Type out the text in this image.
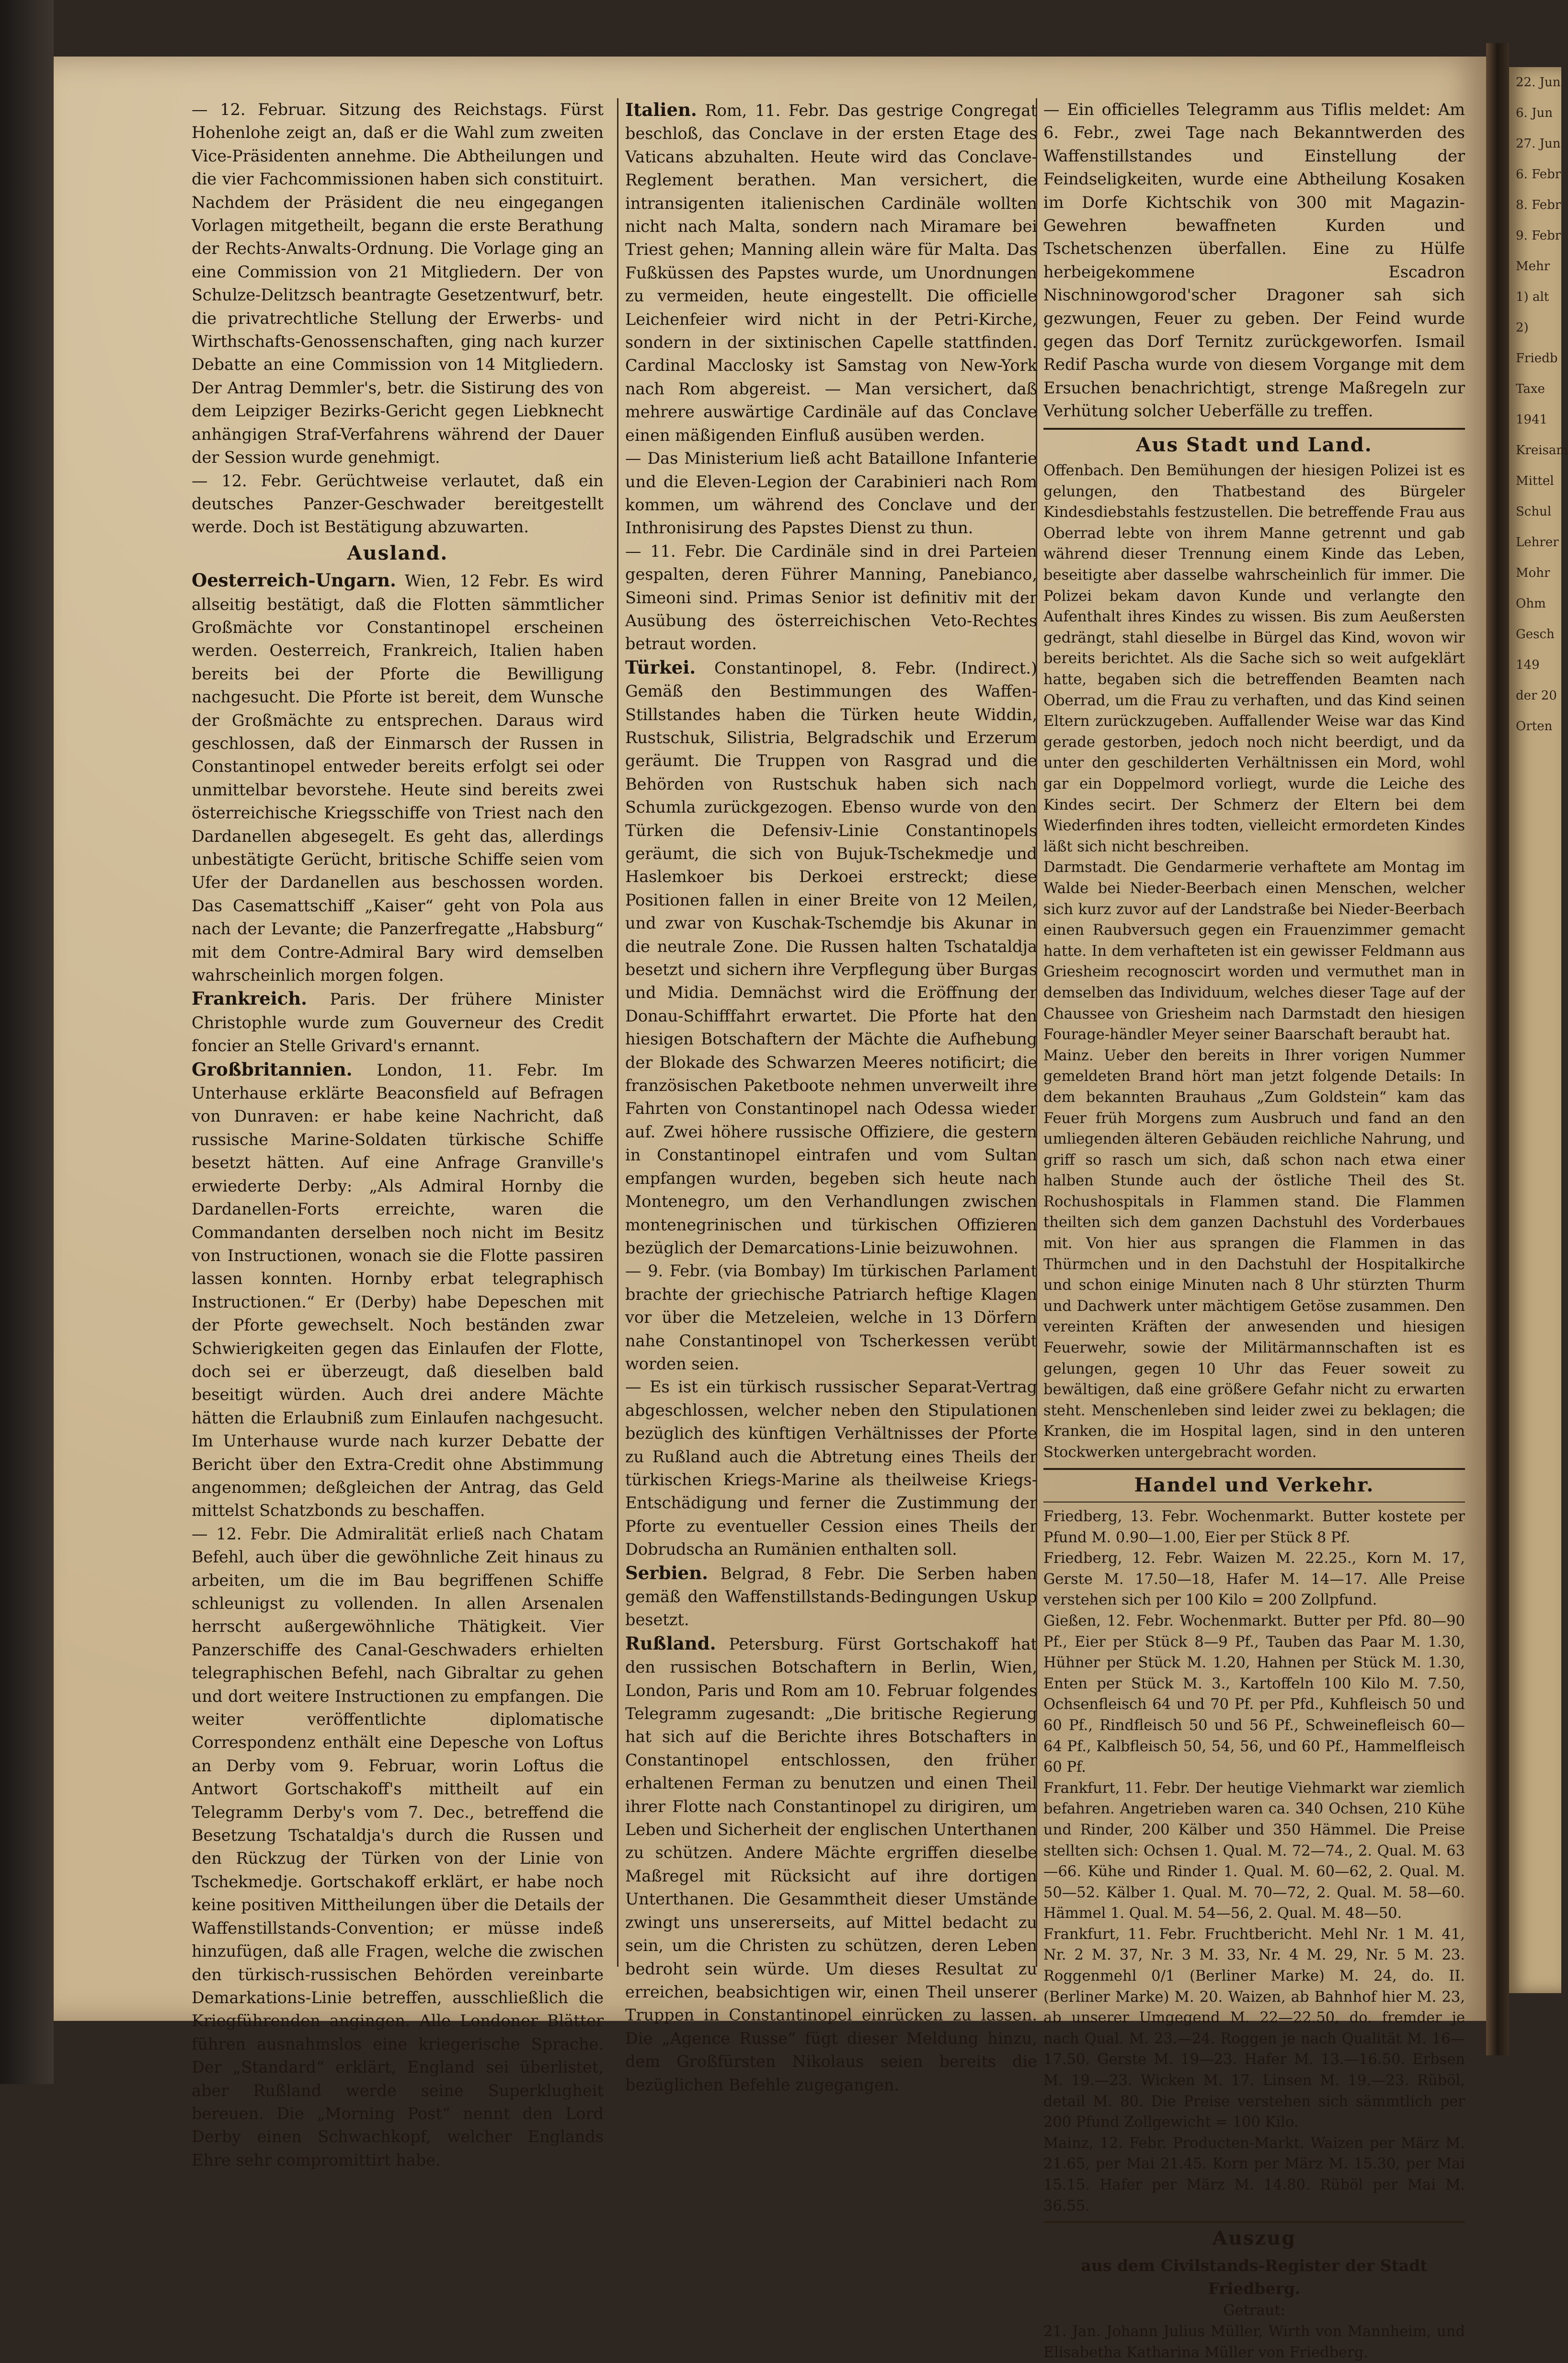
— 12. Februar. Sitzung des Reichstags. Fürst Hohenlohe zeigt an, daß er die Wahl zum zweiten Vice-Präsidenten annehme. Die Abtheilungen und die vier Fachcommissionen haben sich constituirt. Nachdem der Präsident die neu eingegangen Vorlagen mitgetheilt, begann die erste Berathung der Rechts-Anwalts-Ordnung. Die Vorlage ging an eine Commission von 21 Mitgliedern. Der von Schulze-Delitzsch beantragte Gesetzentwurf, betr. die privatrechtliche Stellung der Erwerbs- und Wirthschafts-Genossenschaften, ging nach kurzer Debatte an eine Commission von 14 Mitgliedern. Der Antrag Demmler's, betr. die Sistirung des von dem Leipziger Bezirks-Gericht gegen Liebknecht anhängigen Straf-Verfahrens während der Dauer der Session wurde genehmigt.

— 12. Febr. Gerüchtweise verlautet, daß ein deutsches Panzer-Geschwader bereitgestellt werde. Doch ist Bestätigung abzuwarten.

Ausland.

Oesterreich-Ungarn. Wien, 12 Febr. Es wird allseitig bestätigt, daß die Flotten sämmtlicher Großmächte vor Constantinopel erscheinen werden. Oesterreich, Frankreich, Italien haben bereits bei der Pforte die Bewilligung nachgesucht. Die Pforte ist bereit, dem Wunsche der Großmächte zu entsprechen. Daraus wird geschlossen, daß der Einmarsch der Russen in Constantinopel entweder bereits erfolgt sei oder unmittelbar bevorstehe. Heute sind bereits zwei österreichische Kriegsschiffe von Triest nach den Dardanellen abgesegelt. Es geht das, allerdings unbestätigte Gerücht, britische Schiffe seien vom Ufer der Dardanellen aus beschossen worden. Das Casemattschiff „Kaiser“ geht von Pola aus nach der Levante; die Panzerfregatte „Habsburg“ mit dem Contre-Admiral Bary wird demselben wahrscheinlich morgen folgen.

Frankreich. Paris. Der frühere Minister Christophle wurde zum Gouverneur des Credit foncier an Stelle Grivard's ernannt.

Großbritannien. London, 11. Febr. Im Unterhause erklärte Beaconsfield auf Befragen von Dunraven: er habe keine Nachricht, daß russische Marine-Soldaten türkische Schiffe besetzt hätten. Auf eine Anfrage Granville's erwiederte Derby: „Als Admiral Hornby die Dardanellen-Forts erreichte, waren die Commandanten derselben noch nicht im Besitz von Instructionen, wonach sie die Flotte passiren lassen konnten. Hornby erbat telegraphisch Instructionen.“ Er (Derby) habe Depeschen mit der Pforte gewechselt. Noch beständen zwar Schwierigkeiten gegen das Einlaufen der Flotte, doch sei er überzeugt, daß dieselben bald beseitigt würden. Auch drei andere Mächte hätten die Erlaubniß zum Einlaufen nachgesucht. Im Unterhause wurde nach kurzer Debatte der Bericht über den Extra-Credit ohne Abstimmung angenommen; deßgleichen der Antrag, das Geld mittelst Schatzbonds zu beschaffen.

— 12. Febr. Die Admiralität erließ nach Chatam Befehl, auch über die gewöhnliche Zeit hinaus zu arbeiten, um die im Bau begriffenen Schiffe schleunigst zu vollenden. In allen Arsenalen herrscht außergewöhnliche Thätigkeit. Vier Panzerschiffe des Canal-Geschwaders erhielten telegraphischen Befehl, nach Gibraltar zu gehen und dort weitere Instructionen zu empfangen. Die weiter veröffentlichte diplomatische Correspondenz enthält eine Depesche von Loftus an Derby vom 9. Februar, worin Loftus die Antwort Gortschakoff's mittheilt auf ein Telegramm Derby's vom 7. Dec., betreffend die Besetzung Tschataldja's durch die Russen und den Rückzug der Türken von der Linie von Tschekmedje. Gortschakoff erklärt, er habe noch keine positiven Mittheilungen über die Details der Waffenstillstands-Convention; er müsse indeß hinzufügen, daß alle Fragen, welche die zwischen den türkisch-russischen Behörden vereinbarte Demarkations-Linie betreffen, ausschließlich die Kriegführenden angingen. Alle Londoner Blätter führen ausnahmslos eine kriegerische Sprache. Der „Standard“ erklärt, England sei überlistet, aber Rußland werde seine Superklugheit bereuen. Die „Morning Post“ nennt den Lord Derby einen Schwachkopf, welcher Englands Ehre sehr compromittirt habe.

Italien. Rom, 11. Febr. Das gestrige Congregat beschloß, das Conclave in der ersten Etage des Vaticans abzuhalten. Heute wird das Conclave-Reglement berathen. Man versichert, die intransigenten italienischen Cardinäle wollten nicht nach Malta, sondern nach Miramare bei Triest gehen; Manning allein wäre für Malta. Das Fußküssen des Papstes wurde, um Unordnungen zu vermeiden, heute eingestellt. Die officielle Leichenfeier wird nicht in der Petri-Kirche, sondern in der sixtinischen Capelle stattfinden. Cardinal Macclosky ist Samstag von New-York nach Rom abgereist. — Man versichert, daß mehrere auswärtige Cardinäle auf das Conclave einen mäßigenden Einfluß ausüben werden.

— Das Ministerium ließ acht Bataillone Infanterie und die Eleven-Legion der Carabinieri nach Rom kommen, um während des Conclave und der Inthronisirung des Papstes Dienst zu thun.

— 11. Febr. Die Cardinäle sind in drei Parteien gespalten, deren Führer Manning, Panebianco, Simeoni sind. Primas Senior ist definitiv mit der Ausübung des österreichischen Veto-Rechtes betraut worden.

Türkei. Constantinopel, 8. Febr. (Indirect.) Gemäß den Bestimmungen des Waffen-Stillstandes haben die Türken heute Widdin, Rustschuk, Silistria, Belgradschik und Erzerum geräumt. Die Truppen von Rasgrad und die Behörden von Rustschuk haben sich nach Schumla zurückgezogen. Ebenso wurde von den Türken die Defensiv-Linie Constantinopels geräumt, die sich von Bujuk-Tschekmedje und Haslemkoer bis Derkoei erstreckt; diese Positionen fallen in einer Breite von 12 Meilen, und zwar von Kuschak-Tschemdje bis Akunar in die neutrale Zone. Die Russen halten Tschataldja besetzt und sichern ihre Verpflegung über Burgas und Midia. Demnächst wird die Eröffnung der Donau-Schifffahrt erwartet. Die Pforte hat den hiesigen Botschaftern der Mächte die Aufhebung der Blokade des Schwarzen Meeres notificirt; die französischen Paketboote nehmen unverweilt ihre Fahrten von Constantinopel nach Odessa wieder auf. Zwei höhere russische Offiziere, die gestern in Constantinopel eintrafen und vom Sultan empfangen wurden, begeben sich heute nach Montenegro, um den Verhandlungen zwischen montenegrinischen und türkischen Offizieren bezüglich der Demarcations-Linie beizuwohnen.

— 9. Febr. (via Bombay) Im türkischen Parlament brachte der griechische Patriarch heftige Klagen vor über die Metzeleien, welche in 13 Dörfern nahe Constantinopel von Tscherkessen verübt worden seien.

— Es ist ein türkisch russischer Separat-Vertrag abgeschlossen, welcher neben den Stipulationen bezüglich des künftigen Verhältnisses der Pforte zu Rußland auch die Abtretung eines Theils der türkischen Kriegs-Marine als theilweise Kriegs-Entschädigung und ferner die Zustimmung der Pforte zu eventueller Cession eines Theils der Dobrudscha an Rumänien enthalten soll.

Serbien. Belgrad, 8 Febr. Die Serben haben gemäß den Waffenstillstands-Bedingungen Uskup besetzt.

Rußland. Petersburg. Fürst Gortschakoff hat den russischen Botschaftern in Berlin, Wien, London, Paris und Rom am 10. Februar folgendes Telegramm zugesandt: „Die britische Regierung hat sich auf die Berichte ihres Botschafters in Constantinopel entschlossen, den früher erhaltenen Ferman zu benutzen und einen Theil ihrer Flotte nach Constantinopel zu dirigiren, um Leben und Sicherheit der englischen Unterthanen zu schützen. Andere Mächte ergriffen dieselbe Maßregel mit Rücksicht auf ihre dortigen Unterthanen. Die Gesammtheit dieser Umstände zwingt uns unsererseits, auf Mittel bedacht zu sein, um die Christen zu schützen, deren Leben bedroht sein würde. Um dieses Resultat zu erreichen, beabsichtigen wir, einen Theil unserer Truppen in Constantinopel einrücken zu lassen. Die „Agence Russe“ fügt dieser Meldung hinzu, dem Großfürsten Nikolaus seien bereits die bezüglichen Befehle zugegangen.

— Ein officielles Telegramm aus Tiflis meldet: Am 6. Febr., zwei Tage nach Bekanntwerden des Waffenstillstandes und Einstellung der Feindseligkeiten, wurde eine Abtheilung Kosaken im Dorfe Kichtschik von 300 mit Magazin-Gewehren bewaffneten Kurden und Tschetschenzen überfallen. Eine zu Hülfe herbeigekommene Escadron Nischninowgorod'scher Dragoner sah sich gezwungen, Feuer zu geben. Der Feind wurde gegen das Dorf Ternitz zurückgeworfen. Ismail Redif Pascha wurde von diesem Vorgange mit dem Ersuchen benachrichtigt, strenge Maßregeln zur Verhütung solcher Ueberfälle zu treffen.

Aus Stadt und Land.

Offenbach. Den Bemühungen der hiesigen Polizei ist es gelungen, den Thatbestand des Bürgeler Kindesdiebstahls festzustellen. Die betreffende Frau aus Oberrad lebte von ihrem Manne getrennt und gab während dieser Trennung einem Kinde das Leben, beseitigte aber dasselbe wahrscheinlich für immer. Die Polizei bekam davon Kunde und verlangte den Aufenthalt ihres Kindes zu wissen. Bis zum Aeußersten gedrängt, stahl dieselbe in Bürgel das Kind, wovon wir bereits berichtet. Als die Sache sich so weit aufgeklärt hatte, begaben sich die betreffenden Beamten nach Oberrad, um die Frau zu verhaften, und das Kind seinen Eltern zurückzugeben. Auffallender Weise war das Kind gerade gestorben, jedoch noch nicht beerdigt, und da unter den geschilderten Verhältnissen ein Mord, wohl gar ein Doppelmord vorliegt, wurde die Leiche des Kindes secirt. Der Schmerz der Eltern bei dem Wiederfinden ihres todten, vielleicht ermordeten Kindes läßt sich nicht beschreiben.

Darmstadt. Die Gendarmerie verhaftete am Montag im Walde bei Nieder-Beerbach einen Menschen, welcher sich kurz zuvor auf der Landstraße bei Nieder-Beerbach einen Raubversuch gegen ein Frauenzimmer gemacht hatte. In dem verhafteten ist ein gewisser Feldmann aus Griesheim recognoscirt worden und vermuthet man in demselben das Individuum, welches dieser Tage auf der Chaussee von Griesheim nach Darmstadt den hiesigen Fourage-händler Meyer seiner Baarschaft beraubt hat.

Mainz. Ueber den bereits in Ihrer vorigen Nummer gemeldeten Brand hört man jetzt folgende Details: In dem bekannten Brauhaus „Zum Goldstein“ kam das Feuer früh Morgens zum Ausbruch und fand an den umliegenden älteren Gebäuden reichliche Nahrung, und griff so rasch um sich, daß schon nach etwa einer halben Stunde auch der östliche Theil des St. Rochushospitals in Flammen stand. Die Flammen theilten sich dem ganzen Dachstuhl des Vorderbaues mit. Von hier aus sprangen die Flammen in das Thürmchen und in den Dachstuhl der Hospitalkirche und schon einige Minuten nach 8 Uhr stürzten Thurm und Dachwerk unter mächtigem Getöse zusammen. Den vereinten Kräften der anwesenden und hiesigen Feuerwehr, sowie der Militärmannschaften ist es gelungen, gegen 10 Uhr das Feuer soweit zu bewältigen, daß eine größere Gefahr nicht zu erwarten steht. Menschenleben sind leider zwei zu beklagen; die Kranken, die im Hospital lagen, sind in den unteren Stockwerken untergebracht worden.

Handel und Verkehr.

Friedberg, 13. Febr. Wochenmarkt. Butter kostete per Pfund M. 0.90—1.00, Eier per Stück 8 Pf.

Friedberg, 12. Febr. Waizen M. 22.25., Korn M. 17, Gerste M. 17.50—18, Hafer M. 14—17. Alle Preise verstehen sich per 100 Kilo = 200 Zollpfund.

Gießen, 12. Febr. Wochenmarkt. Butter per Pfd. 80—90 Pf., Eier per Stück 8—9 Pf., Tauben das Paar M. 1.30, Hühner per Stück M. 1.20, Hahnen per Stück M. 1.30, Enten per Stück M. 3., Kartoffeln 100 Kilo M. 7.50, Ochsenfleisch 64 und 70 Pf. per Pfd., Kuhfleisch 50 und 60 Pf., Rindfleisch 50 und 56 Pf., Schweinefleisch 60—64 Pf., Kalbfleisch 50, 54, 56, und 60 Pf., Hammelfleisch 60 Pf.

Frankfurt, 11. Febr. Der heutige Viehmarkt war ziemlich befahren. Angetrieben waren ca. 340 Ochsen, 210 Kühe und Rinder, 200 Kälber und 350 Hämmel. Die Preise stellten sich: Ochsen 1. Qual. M. 72—74., 2. Qual. M. 63—66. Kühe und Rinder 1. Qual. M. 60—62, 2. Qual. M. 50—52. Kälber 1. Qual. M. 70—72, 2. Qual. M. 58—60. Hämmel 1. Qual. M. 54—56, 2. Qual. M. 48—50.

Frankfurt, 11. Febr. Fruchtbericht. Mehl Nr. 1 M. 41, Nr. 2 M. 37, Nr. 3 M. 33, Nr. 4 M. 29, Nr. 5 M. 23. Roggenmehl 0/1 (Berliner Marke) M. 24, do. II. (Berliner Marke) M. 20. Waizen, ab Bahnhof hier M. 23, ab unserer Umgegend M. 22—22.50, do. fremder je nach Qual. M. 23.—24. Roggen je nach Qualität M. 16—17.50. Gerste M. 19—23. Hafer M. 13.—16.50. Erbsen M. 19.—23. Wicken M. 17. Linsen M. 19.—23. Rüböl, detail M. 80. Die Preise verstehen sich sämmtlich per 200 Pfund Zollgewicht = 100 Kilo.

Mainz, 12. Febr. Producten-Markt. Waizen per März M. 21.65, per Mai 21.45. Korn per März M. 15.30, per Mai 15.15. Hafer per März M. 14.80. Rüböl per Mai M. 36.55.

Auszug
aus dem Civilstands-Register der Stadt Friedberg.
Getraut:

21. Jan. Johann Julius Müller, Wirth von Mannheim, und Elisabetha Katharina Müller von Friedberg.

22. Jun
6. Jun
27. Jun
6. Febr
8. Febr
9. Febr
Mehr
1) alt
2)
Friedb
Taxe
1941
Kreisam
Mittel
Schul
Lehrer
Mohr
Ohm
Gesch
149
der 20
Orten
